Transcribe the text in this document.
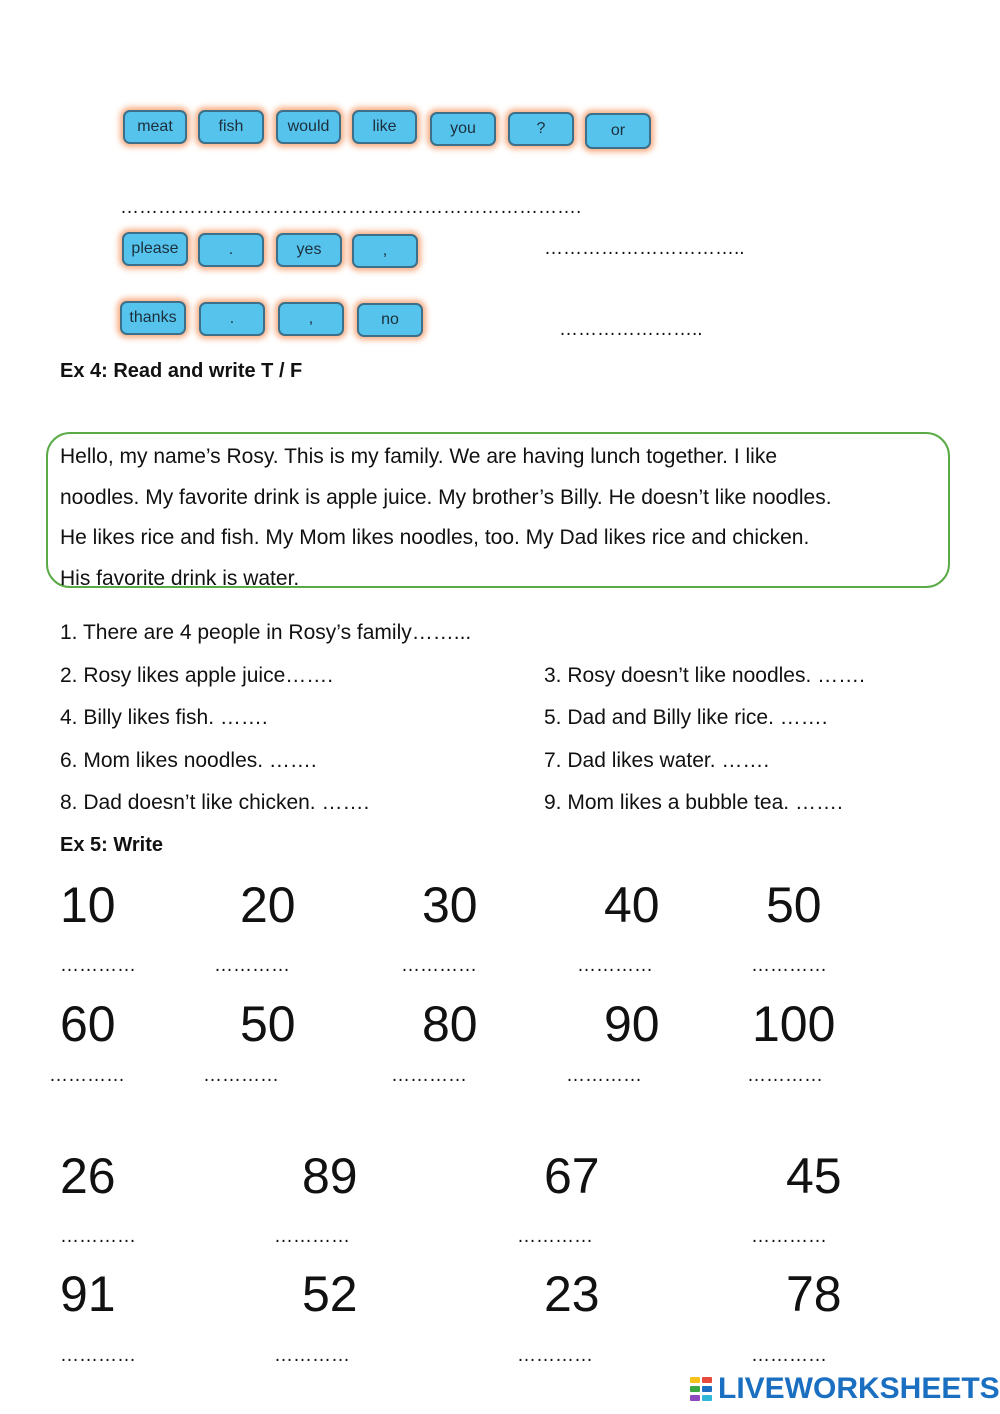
meat	fish	would	like	you	?	or
……………………………………………………………….
please	.	yes	,	…………………………..
thanks	.	,	no	…………………..
Ex 4: Read and write T / F
Hello, my name’s Rosy. This is my family. We are having lunch together. I like
noodles. My favorite drink is apple juice. My brother’s Billy. He doesn’t like noodles.
He likes rice and fish. My Mom likes noodles, too. My Dad likes rice and chicken.
His favorite drink is water.
1. There are 4 people in Rosy’s family……...
2. Rosy likes apple juice…….	3. Rosy doesn’t like noodles. …….
4. Billy likes fish. …….	5. Dad and Billy like rice. …….
6. Mom likes noodles. …….	7. Dad likes water. …….
8. Dad doesn’t like chicken. …….	9. Mom likes a bubble tea. …….
Ex 5: Write
10 20	30	40 50
…………	…………	…………	…………	…………
60 50	80	90 100
…………	…………	…………	…………	…………
26	89	67	45
…………	…………	…………	…………
91	52	23	78
…………	…………	…………	…………
LIVEWORKSHEETS
